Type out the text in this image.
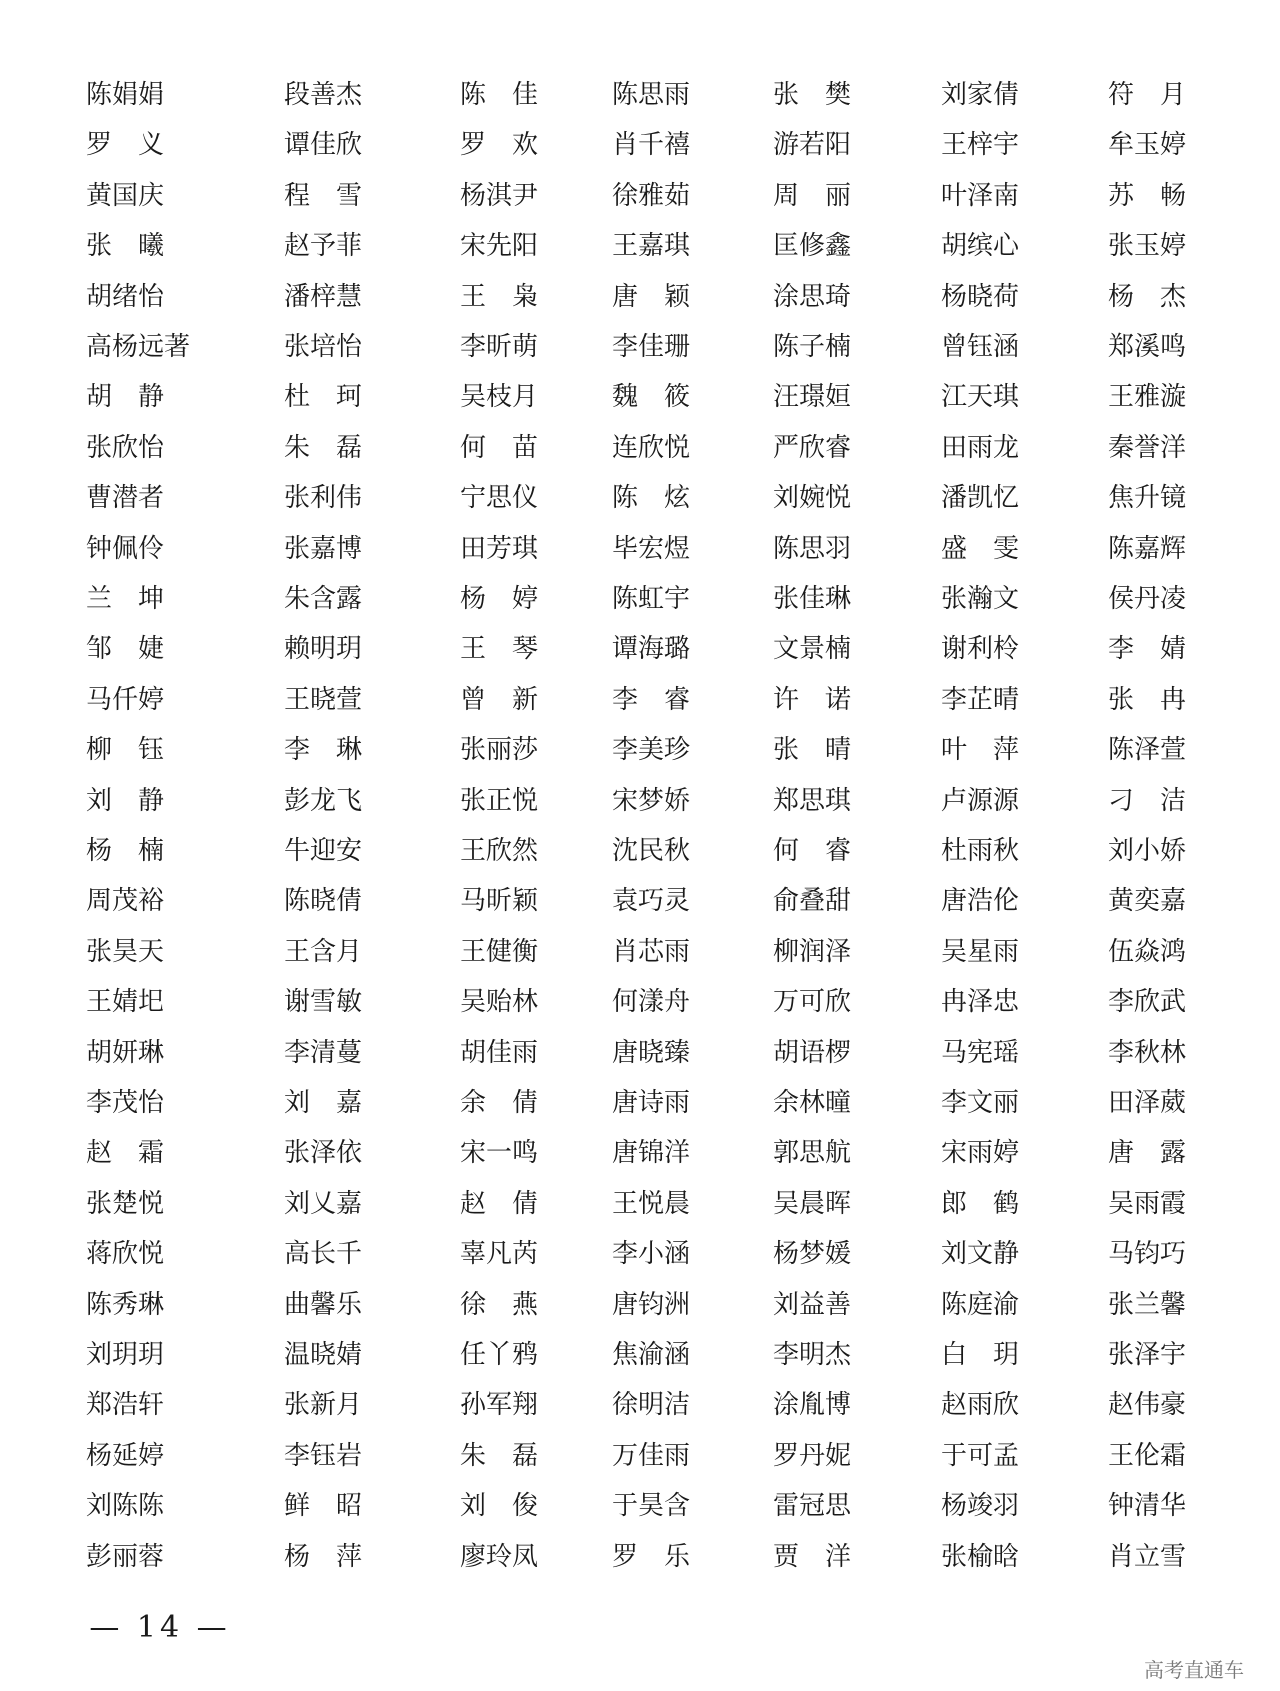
陈娟娟	段善杰	陈　佳	陈思雨	张　樊	刘家倩	符　月
罗　义	谭佳欣	罗　欢	肖千禧	游若阳	王梓宇	牟玉婷
黄国庆	程　雪	杨淇尹	徐雅茹	周　丽	叶泽南	苏　畅
张　曦	赵予菲	宋先阳	王嘉琪	匡修鑫	胡缤心	张玉婷
胡绪怡	潘梓慧	王　枭	唐　颖	涂思琦	杨晓荷	杨　杰
高杨远著	张培怡	李昕萌	李佳珊	陈子楠	曾钰涵	郑溪鸣
胡　静	杜　珂	吴枝月	魏　筱	汪璟姮	江天琪	王雅漩
张欣怡	朱　磊	何　苗	连欣悦	严欣睿	田雨龙	秦誉洋
曹潜者	张利伟	宁思仪	陈　炫	刘婉悦	潘凯忆	焦升镜
钟佩伶	张嘉博	田芳琪	毕宏煜	陈思羽	盛　雯	陈嘉辉
兰　坤	朱含露	杨　婷	陈虹宇	张佳琳	张瀚文	侯丹凌
邹　婕	赖明玥	王　琴	谭海璐	文景楠	谢利柃	李　婧
马仟婷	王晓萱	曾　新	李　睿	许　诺	李芷晴	张　冉
柳　钰	李　琳	张丽莎	李美珍	张　晴	叶　萍	陈泽萱
刘　静	彭龙飞	张正悦	宋梦娇	郑思琪	卢源源	刁　洁
杨　楠	牛迎安	王欣然	沈民秋	何　睿	杜雨秋	刘小娇
周茂裕	陈晓倩	马昕颖	袁巧灵	俞叠甜	唐浩伦	黄奕嘉
张昊天	王含月	王健衡	肖芯雨	柳润泽	吴星雨	伍焱鸿
王婧圯	谢雪敏	吴贻林	何漾舟	万可欣	冉泽忠	李欣武
胡妍琳	李清蔓	胡佳雨	唐晓臻	胡语椤	马宪瑶	李秋林
李茂怡	刘　嘉	余　倩	唐诗雨	余林曈	李文丽	田泽葳
赵　霜	张泽依	宋一鸣	唐锦洋	郭思航	宋雨婷	唐　露
张楚悦	刘乂嘉	赵　倩	王悦晨	吴晨晖	郎　鹤	吴雨霞
蒋欣悦	高长千	辜凡芮	李小涵	杨梦媛	刘文静	马钧巧
陈秀琳	曲馨乐	徐　燕	唐钧洲	刘益善	陈庭渝	张兰馨
刘玥玥	温晓婧	任丫鸦	焦渝涵	李明杰	白　玥	张泽宇
郑浩轩	张新月	孙军翔	徐明洁	涂胤博	赵雨欣	赵伟豪
杨延婷	李钰岩	朱　磊	万佳雨	罗丹妮	于可孟	王伦霜
刘陈陈	鲜　昭	刘　俊	于昊含	雷冠思	杨竣羽	钟清华
彭丽蓉	杨　萍	廖玲凤	罗　乐	贾　洋	张榆晗	肖立雪
— 14 —
高考直通车
